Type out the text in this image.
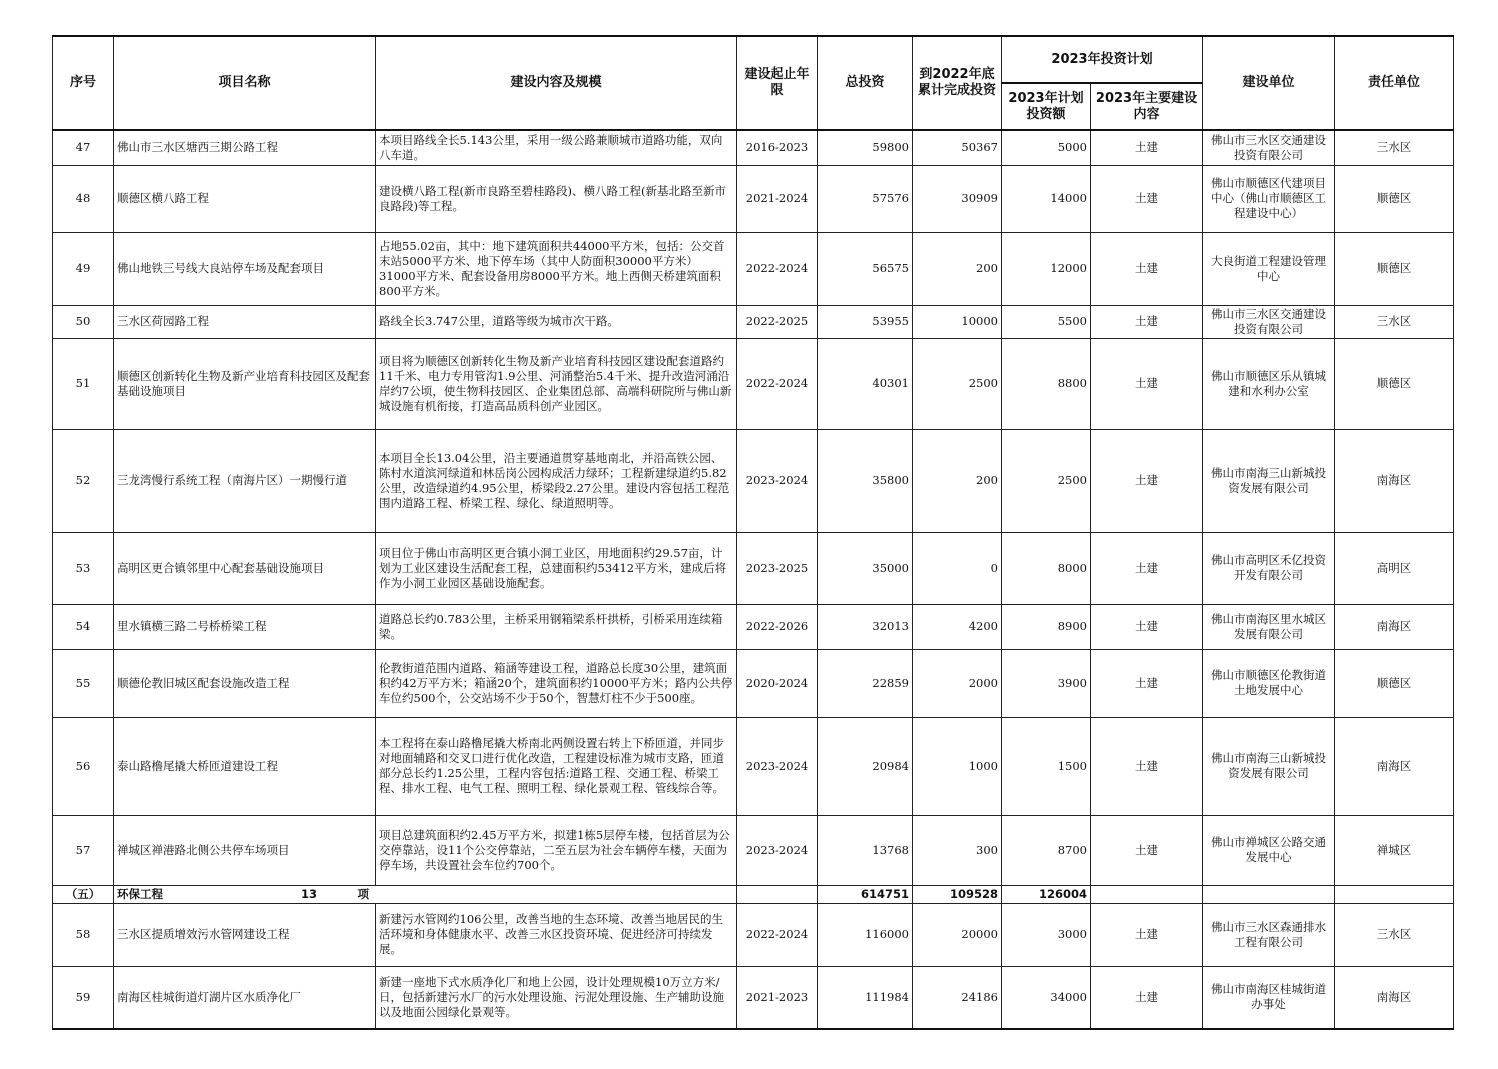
序号	项目名称	建设内容及规模	建设起止年限	总投资	到2022年底累计完成投资	2023年投资计划		建设单位	责任单位
						2023年计划投资额	2023年主要建设内容		
47	佛山市三水区塘西三期公路工程	本项目路线全长5.143公里，采用一级公路兼顺城市道路功能，双向八车道。	2016-2023	59800	50367	5000	土建	佛山市三水区交通建设投资有限公司	三水区
48	顺德区横八路工程	建设横八路工程(新市良路至碧桂路段)、横八路工程(新基北路至新市良路段)等工程。	2021-2024	57576	30909	14000	土建	佛山市顺德区代建项目中心（佛山市顺德区工程建设中心）	顺德区
49	佛山地铁三号线大良站停车场及配套项目	占地55.02亩，其中：地下建筑面积共44000平方米，包括：公交首末站5000平方米、地下停车场（其中人防面积30000平方米）31000平方米、配套设备用房8000平方米。地上西侧天桥建筑面积800平方米。	2022-2024	56575	200	12000	土建	大良街道工程建设管理中心	顺德区
50	三水区荷园路工程	路线全长3.747公里，道路等级为城市次干路。	2022-2025	53955	10000	5500	土建	佛山市三水区交通建设投资有限公司	三水区
51	顺德区创新转化生物及新产业培育科技园区及配套基础设施项目	项目将为顺德区创新转化生物及新产业培育科技园区建设配套道路约11千米、电力专用管沟1.9公里、河涌整治5.4千米、提升改造河涌沿岸约7公顷，使生物科技园区、企业集团总部、高端科研院所与佛山新城设施有机衔接，打造高品质科创产业园区。	2022-2024	40301	2500	8800	土建	佛山市顺德区乐从镇城建和水利办公室	顺德区
52	三龙湾慢行系统工程（南海片区）一期慢行道	本项目全长13.04公里，沿主要通道贯穿基地南北，并沿高铁公园、陈村水道滨河绿道和林岳岗公园构成活力绿环；工程新建绿道约5.82公里，改造绿道约4.95公里，桥梁段2.27公里。建设内容包括工程范围内道路工程、桥梁工程、绿化、绿道照明等。	2023-2024	35800	200	2500	土建	佛山市南海三山新城投资发展有限公司	南海区
53	高明区更合镇邻里中心配套基础设施项目	项目位于佛山市高明区更合镇小洞工业区，用地面积约29.57亩，计划为工业区建设生活配套工程，总建面积约53412平方米，建成后将作为小洞工业园区基础设施配套。	2023-2025	35000	0	8000	土建	佛山市高明区禾亿投资开发有限公司	高明区
54	里水镇横三路二号桥桥梁工程	道路总长约0.783公里，主桥采用钢箱梁系杆拱桥，引桥采用连续箱梁。	2022-2026	32013	4200	8900	土建	佛山市南海区里水城区发展有限公司	南海区
55	顺德伦教旧城区配套设施改造工程	伦教街道范围内道路、箱涵等建设工程，道路总长度30公里，建筑面积约42万平方米；箱涵20个，建筑面积约10000平方米；路内公共停车位约500个，公交站场不少于50个，智慧灯柱不少于500座。	2020-2024	22859	2000	3900	土建	佛山市顺德区伦教街道土地发展中心	顺德区
56	泰山路橹尾撬大桥匝道建设工程	本工程将在泰山路橹尾撬大桥南北两侧设置右转上下桥匝道，并同步对地面辅路和交叉口进行优化改造，工程建设标准为城市支路，匝道部分总长约1.25公里，工程内容包括:道路工程、交通工程、桥梁工程、排水工程、电气工程、照明工程、绿化景观工程、管线综合等。	2023-2024	20984	1000	1500	土建	佛山市南海三山新城投资发展有限公司	南海区
57	禅城区禅港路北侧公共停车场项目	项目总建筑面积约2.45万平方米，拟建1栋5层停车楼，包括首层为公交停靠站，设11个公交停靠站，二至五层为社会车辆停车楼，天面为停车场，共设置社会车位约700个。	2023-2024	13768	300	8700	土建	佛山市禅城区公路交通发展中心	禅城区
（五）	环保工程 13 项			614751	109528	126004			
58	三水区提质增效污水管网建设工程	新建污水管网约106公里，改善当地的生态环境、改善当地居民的生活环境和身体健康水平、改善三水区投资环境、促进经济可持续发展。	2022-2024	116000	20000	3000	土建	佛山市三水区森通排水工程有限公司	三水区
59	南海区桂城街道灯湖片区水质净化厂	新建一座地下式水质净化厂和地上公园，设计处理规模10万立方米/日，包括新建污水厂的污水处理设施、污泥处理设施、生产辅助设施以及地面公园绿化景观等。	2021-2023	111984	24186	34000	土建	佛山市南海区桂城街道办事处	南海区
